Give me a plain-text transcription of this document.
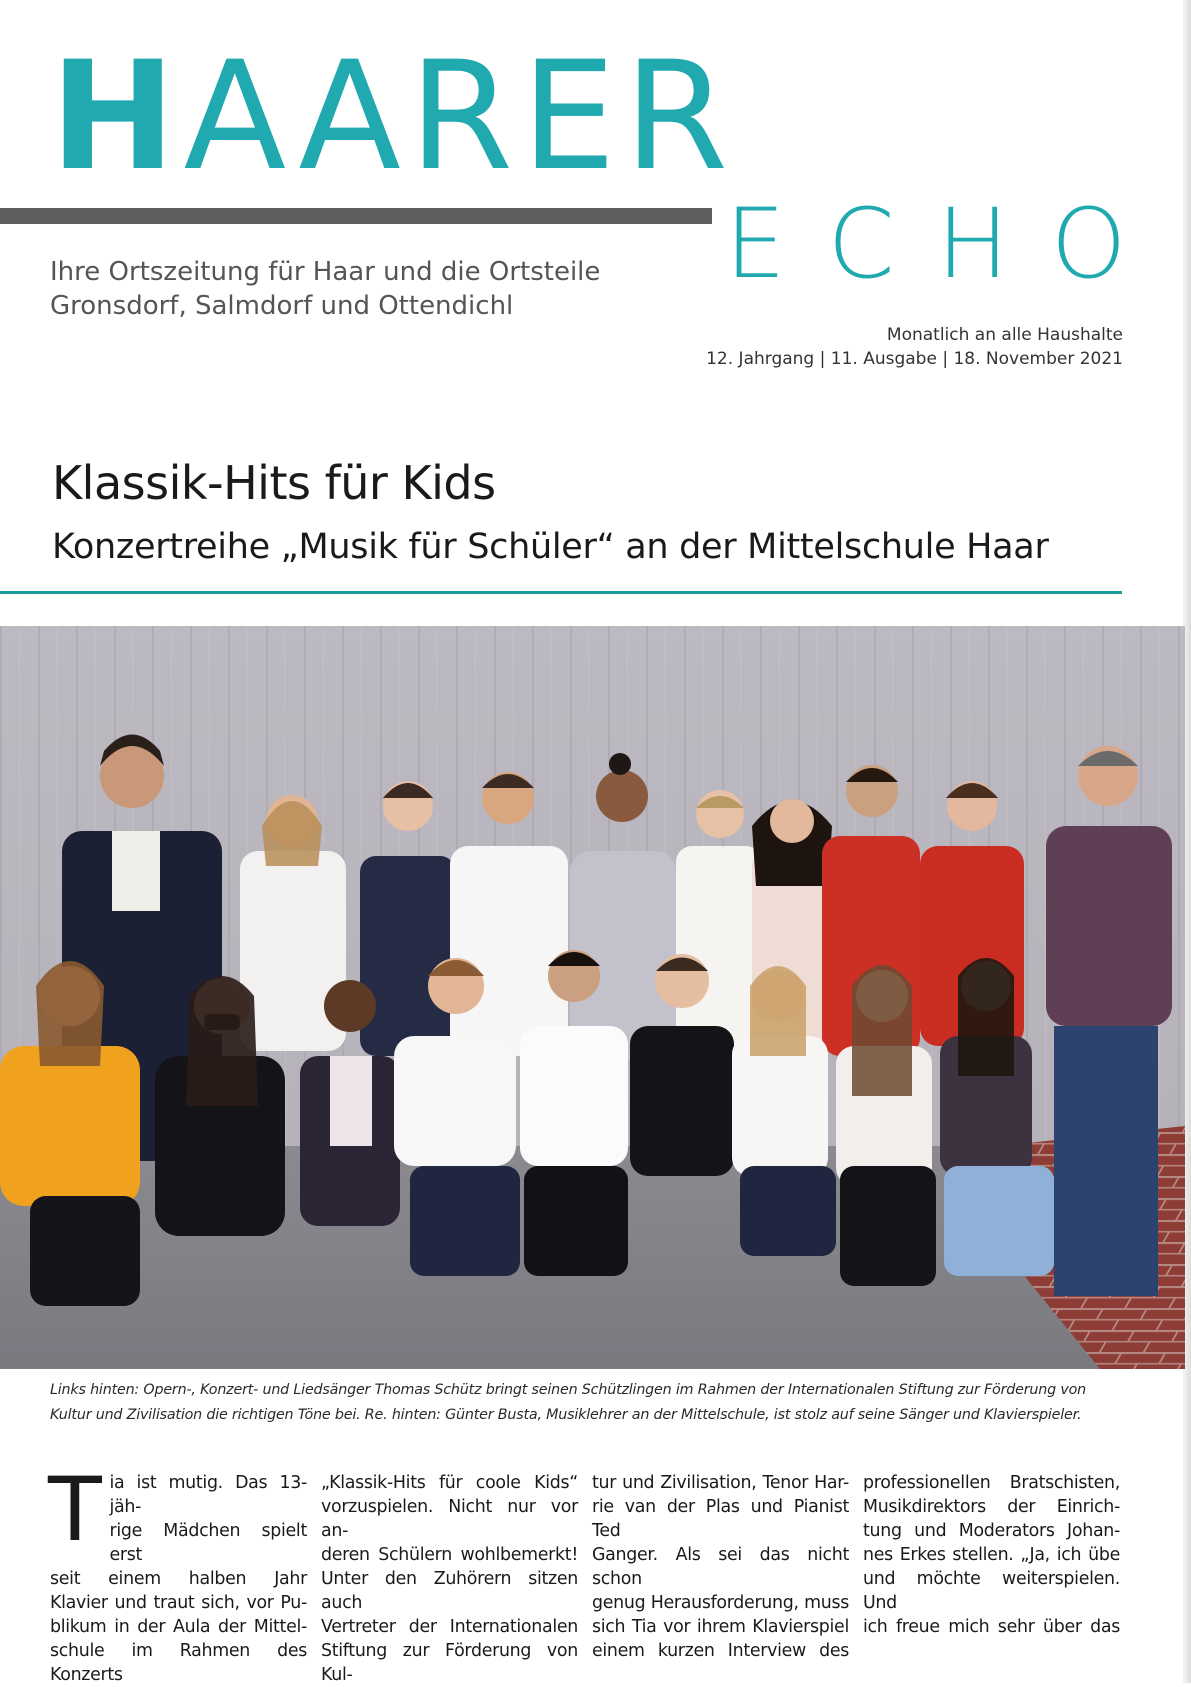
HAARER
ECHO

Ihre Ortszeitung für Haar und die Ortsteile
Gronsdorf, Salmdorf und Ottendichl

Monatlich an alle Haushalte
12. Jahrgang | 11. Ausgabe | 18. November 2021
Klassik-Hits für Kids
Konzertreihe „Musik für Schüler“ an der Mittelschule Haar
Links hinten: Opern-, Konzert- und Liedsänger Thomas Schütz bringt seinen Schützlingen im Rahmen der Internationalen Stiftung zur Förderung von
Kultur und Zivilisation die richtigen Töne bei. Re. hinten: Günter Busta, Musiklehrer an der Mittelschule, ist stolz auf seine Sänger und Klavierspieler.
T ia ist mutig. Das 13-jäh-
rige Mädchen spielt erst
seit einem halben Jahr
Klavier und traut sich, vor Pu-
blikum in der Aula der Mittel-
schule im Rahmen des Konzerts
„Klassik-Hits für coole Kids“
vorzuspielen. Nicht nur vor an-
deren Schülern wohlbemerkt!
Unter den Zuhörern sitzen auch
Vertreter der Internationalen
Stiftung zur Förderung von Kul-
tur und Zivilisation, Tenor Har-
rie van der Plas und Pianist Ted
Ganger. Als sei das nicht schon
genug Herausforderung, muss
sich Tia vor ihrem Klavierspiel
einem kurzen Interview des
professionellen Bratschisten,
Musikdirektors der Einrich-
tung und Moderators Johan-
nes Erkes stellen. „Ja, ich übe
und möchte weiterspielen. Und
ich freue mich sehr über das
